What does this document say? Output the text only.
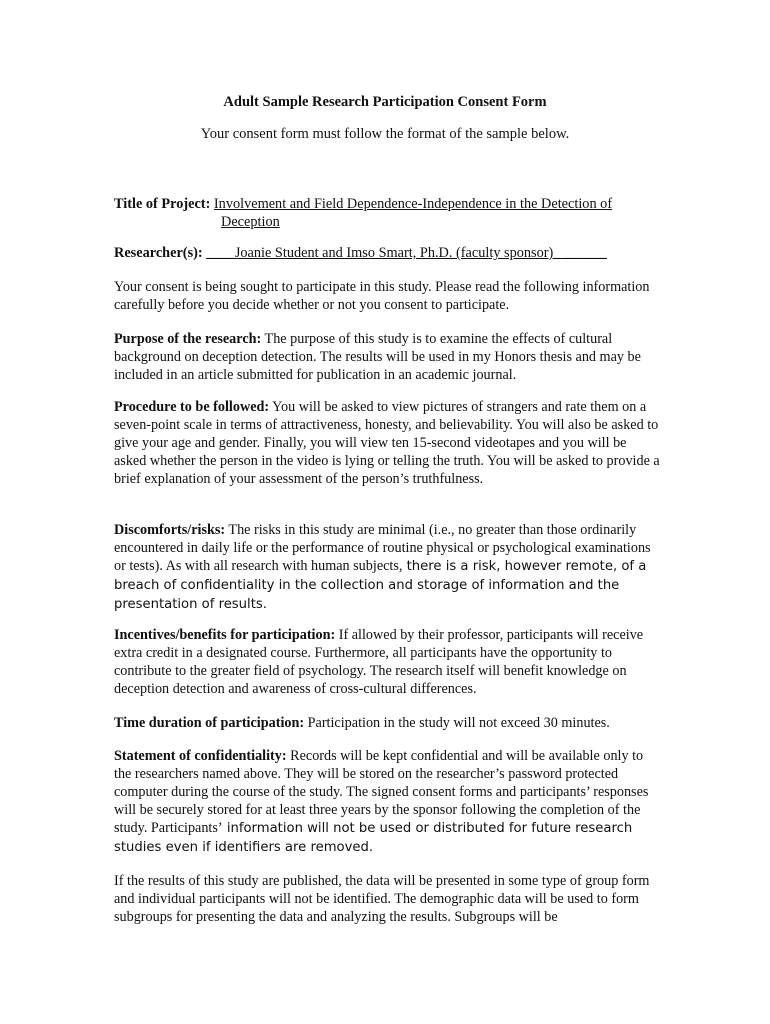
Adult Sample Research Participation Consent Form

Your consent form must follow the format of the sample below.

Title of Project: Involvement and Field Dependence-Independence in the Detection of
Deception
Researcher(s): ____Joanie Student and Imso Smart, Ph.D. (faculty sponsor)_ ______

Your consent is being sought to participate in this study. Please read the following information carefully before you decide whether or not you consent to participate.

Purpose of the research: The purpose of this study is to examine the effects of cultural background on deception detection. The results will be used in my Honors thesis and may be included in an article submitted for publication in an academic journal.

Procedure to be followed: You will be asked to view pictures of strangers and rate them on a seven-point scale in terms of attractiveness, honesty, and believability. You will also be asked to give your age and gender. Finally, you will view ten 15-second videotapes and you will be asked whether the person in the video is lying or telling the truth. You will be asked to provide a brief explanation of your assessment of the person’s truthfulness.

Discomforts/risks: The risks in this study are minimal (i.e., no greater than those ordinarily encountered in daily life or the performance of routine physical or psychological examinations or tests). As with all research with human subjects, there is a risk, however remote, of a breach of confidentiality in the collection and storage of information and the presentation of results.

Incentives/benefits for participation: If allowed by their professor, participants will receive extra credit in a designated course. Furthermore, all participants have the opportunity to contribute to the greater field of psychology. The research itself will benefit knowledge on deception detection and awareness of cross-cultural differences.

Time duration of participation: Participation in the study will not exceed 30 minutes.

Statement of confidentiality: Records will be kept confidential and will be available only to the researchers named above. They will be stored on the researcher’s password protected computer during the course of the study. The signed consent forms and participants’ responses will be securely stored for at least three years by the sponsor following the completion of the study. Participants’ information will not be used or distributed for future research studies even if identifiers are removed.

If the results of this study are published, the data will be presented in some type of group form and individual participants will not be identified. The demographic data will be used to form subgroups for presenting the data and analyzing the results. Subgroups will be
